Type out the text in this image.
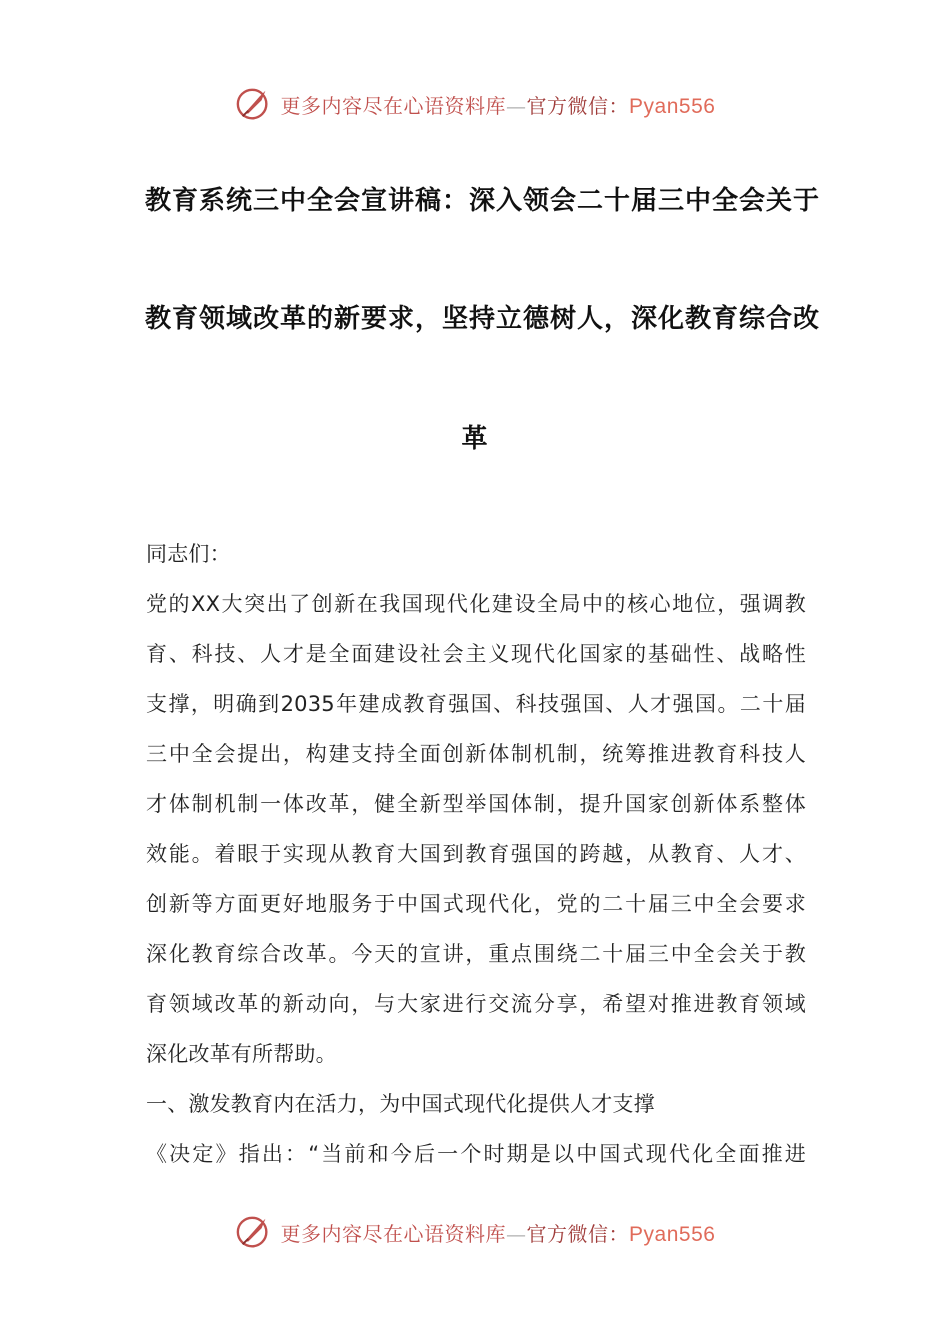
更多内容尽在心语资料库—官方微信：Pyan556
教育系统三中全会宣讲稿：深入领会二十届三中全会关于
教育领域改革的新要求，坚持立德树人，深化教育综合改
革
同志们：
党的XX大突出了创新在我国现代化建设全局中的核心地位，强调教
育、科技、人才是全面建设社会主义现代化国家的基础性、战略性
支撑，明确到2035年建成教育强国、科技强国、人才强国。二十届
三中全会提出，构建支持全面创新体制机制，统筹推进教育科技人
才体制机制一体改革，健全新型举国体制，提升国家创新体系整体
效能。着眼于实现从教育大国到教育强国的跨越，从教育、人才、
创新等方面更好地服务于中国式现代化，党的二十届三中全会要求
深化教育综合改革。今天的宣讲，重点围绕二十届三中全会关于教
育领域改革的新动向，与大家进行交流分享，希望对推进教育领域
深化改革有所帮助。
一、激发教育内在活力，为中国式现代化提供人才支撑
《决定》指出：“当前和今后一个时期是以中国式现代化全面推进
更多内容尽在心语资料库—官方微信：Pyan556
